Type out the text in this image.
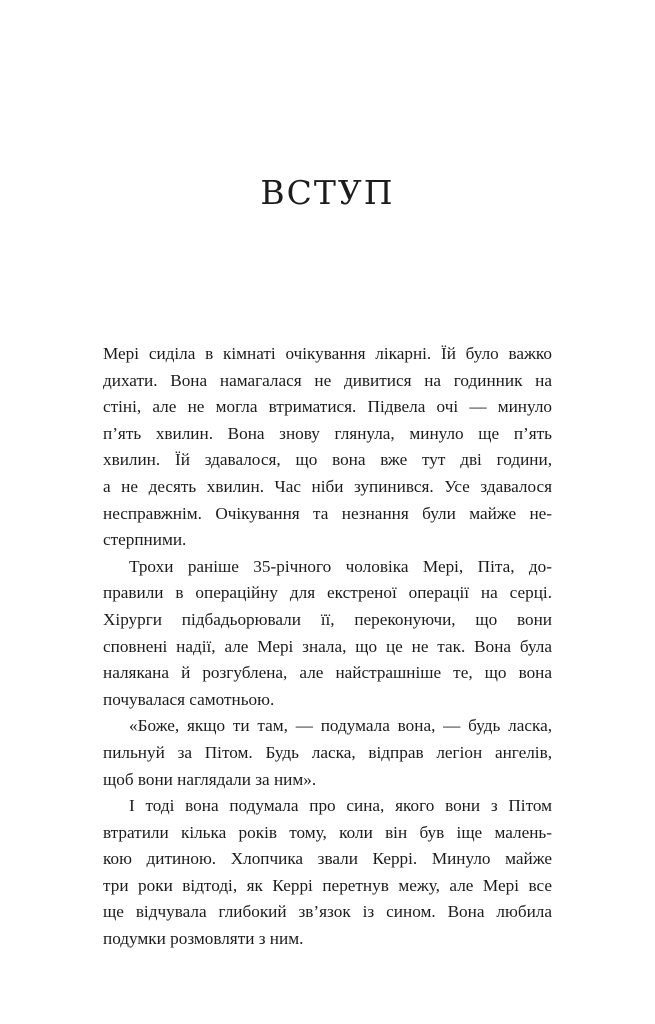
ВСТУП

Мері сиділа в кімнаті очікування лікарні. Їй було важко
дихати. Вона намагалася не дивитися на годинник на
стіні, але не могла втриматися. Підвела очі — минуло
п’ять хвилин. Вона знову глянула, минуло ще п’ять
хвилин. Їй здавалося, що вона вже тут дві години,
а не десять хвилин. Час ніби зупинився. Усе здавалося
несправжнім. Очікування та незнання були майже не-
стерпними.

Трохи раніше 35-річного чоловіка Мері, Піта, до-
правили в операційну для екстреної операції на серці.
Хірурги підбадьорювали її, переконуючи, що вони
сповнені надії, але Мері знала, що це не так. Вона була
налякана й розгублена, але найстрашніше те, що вона
почувалася самотньою.

«Боже, якщо ти там, — подумала вона, — будь ласка,
пильнуй за Пітом. Будь ласка, відправ легіон ангелів,
щоб вони наглядали за ним».

І тоді вона подумала про сина, якого вони з Пітом
втратили кілька років тому, коли він був іще малень-
кою дитиною. Хлопчика звали Керрі. Минуло майже
три роки відтоді, як Керрі перетнув межу, але Мері все
ще відчувала глибокий зв’язок із сином. Вона любила
подумки розмовляти з ним.
